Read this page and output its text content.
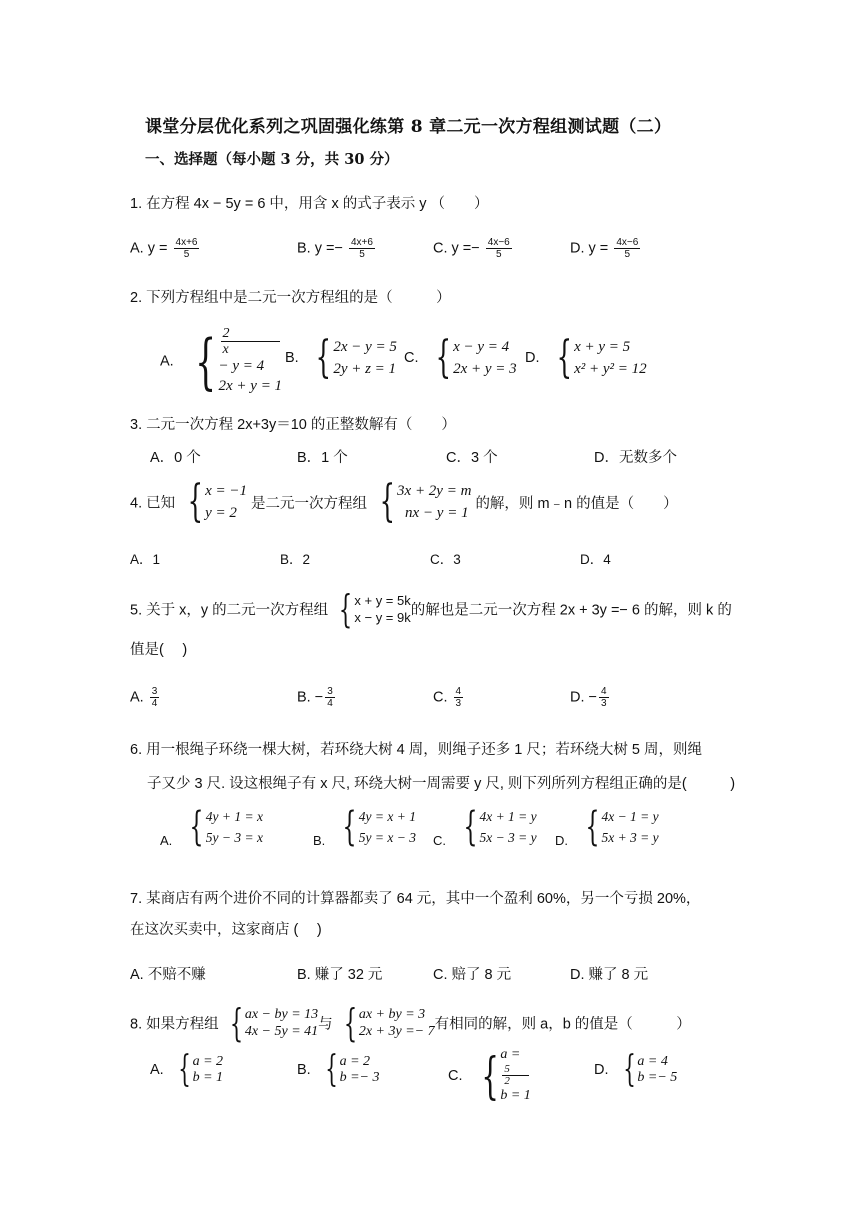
课堂分层优化系列之巩固强化练第 8 章二元一次方程组测试题（二）
一、选择题（每小题 3 分，共 30 分）
1. 在方程 4x − 5y = 6 中，用含 x 的式子表示 y （　　）
A. $y = \frac{4x+6}{5}$	B. $y =- \frac{4x+6}{5}$	C. $y =- \frac{4x-6}{5}$	D. $y = \frac{4x-6}{5}$
2. 下列方程组中是二元一次方程组的是（　　　）
A. { 2
x
− y = 4
2x + y = 1
B. { 2x − y = 5
2y + z = 1
C. { x − y = 4
2x + y = 3
D. { x + y = 5
x² + y² = 12
3. 二元一次方程 2x+3y＝10 的正整数解有（　　）
A．0 个	B．1 个	C．3 个	D．无数多个
4. 已知 { x = −1
y = 2
是二元一次方程组 { 3x + 2y = m
nx − y = 1
的解，则 m﹣n 的值是（　　）
A．1	B．2	C．3	D．4
5. 关于 x，y 的二元一次方程组 { x + y = 5k
x − y = 9k 的解也是二元一次方程 2x + 3y =− 6 的解，则 k 的
值是(　 )
A. $\frac{3}{4}$	B. − $\frac{3}{4}$	C. $\frac{4}{3}$	D. − $\frac{4}{3}$
6. 用一根绳子环绕一棵大树，若环绕大树 4 周，则绳子还多 1 尺；若环绕大树 5 周，则绳
子又少 3 尺. 设这根绳子有 x 尺, 环绕大树一周需要 y 尺, 则下列所列方程组正确的是(　　　)
A. { 4y + 1 = x
5y − 3 = x	B. { 4y = x + 1
5y = x − 3 C. { 4x + 1 = y
5x − 3 = y D. { 4x − 1 = y
5x + 3 = y
7. 某商店有两个进价不同的计算器都卖了 64 元，其中一个盈利 60%，另一个亏损 20%，
在这次买卖中，这家商店 (　 )
A. 不赔不赚	B. 赚了 32 元	C. 赔了 8 元	D. 赚了 8 元
8. 如果方程组 { ax − by = 13
4x − 5y = 41 与 { ax + by = 3
2x + 3y =− 7 有相同的解，则 a，b 的值是（　　　）
A. { a = 2
b = 1	B. { a = 2
b =− 3	C. { a =
5
2
b = 1
D. { a = 4
b =− 5
